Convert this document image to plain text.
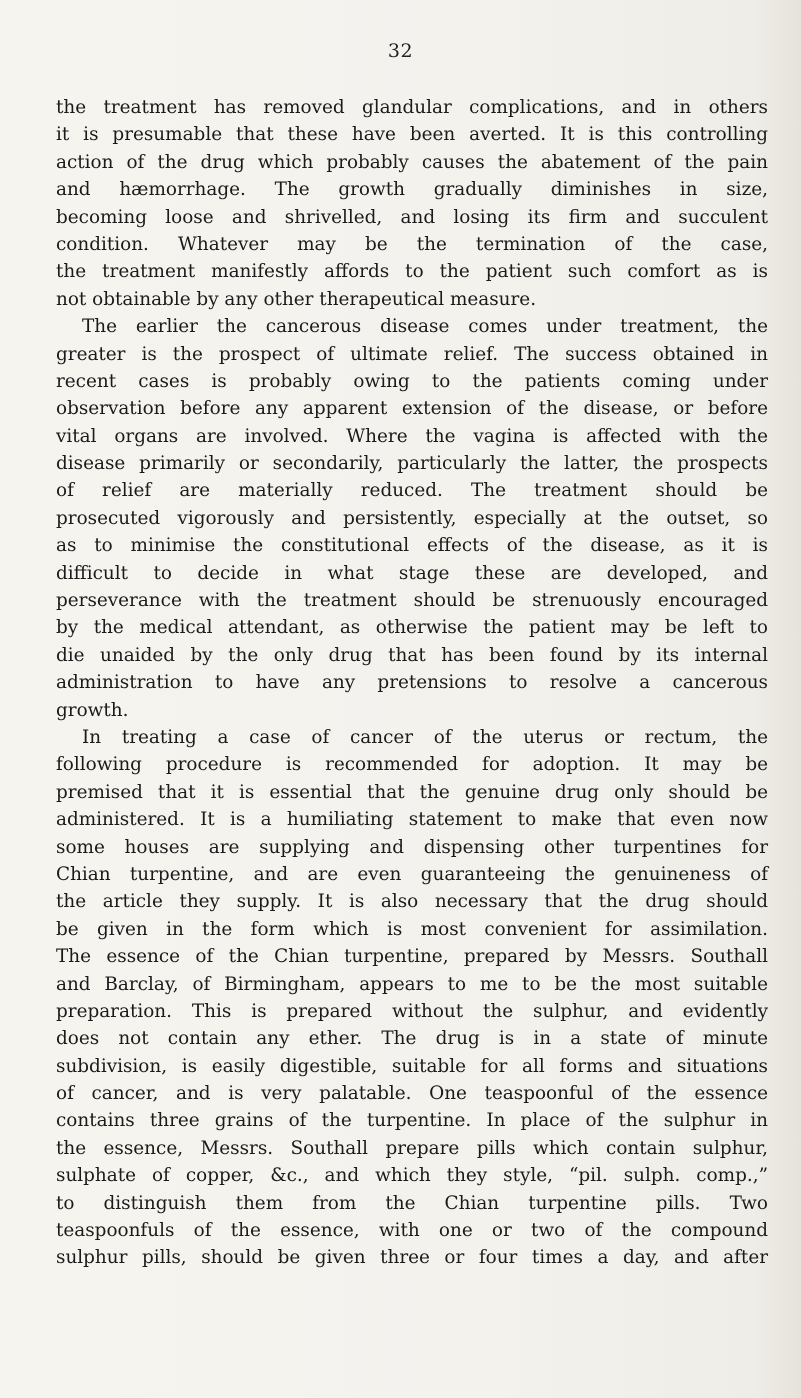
32
the treatment has removed glandular complications, and in others
it is presumable that these have been averted. It is this controlling
action of the drug which probably causes the abatement of the pain
and hæmorrhage. The growth gradually diminishes in size,
becoming loose and shrivelled, and losing its firm and succulent
condition. Whatever may be the termination of the case,
the treatment manifestly affords to the patient such comfort as is
not obtainable by any other therapeutical measure.
The earlier the cancerous disease comes under treatment, the
greater is the prospect of ultimate relief. The success obtained in
recent cases is probably owing to the patients coming under
observation before any apparent extension of the disease, or before
vital organs are involved. Where the vagina is affected with the
disease primarily or secondarily, particularly the latter, the prospects
of relief are materially reduced. The treatment should be
prosecuted vigorously and persistently, especially at the outset, so
as to minimise the constitutional effects of the disease, as it is
difficult to decide in what stage these are developed, and
perseverance with the treatment should be strenuously encouraged
by the medical attendant, as otherwise the patient may be left to
die unaided by the only drug that has been found by its internal
administration to have any pretensions to resolve a cancerous
growth.
In treating a case of cancer of the uterus or rectum, the
following procedure is recommended for adoption. It may be
premised that it is essential that the genuine drug only should be
administered. It is a humiliating statement to make that even now
some houses are supplying and dispensing other turpentines for
Chian turpentine, and are even guaranteeing the genuineness of
the article they supply. It is also necessary that the drug should
be given in the form which is most convenient for assimilation.
The essence of the Chian turpentine, prepared by Messrs. Southall
and Barclay, of Birmingham, appears to me to be the most suitable
preparation. This is prepared without the sulphur, and evidently
does not contain any ether. The drug is in a state of minute
subdivision, is easily digestible, suitable for all forms and situations
of cancer, and is very palatable. One teaspoonful of the essence
contains three grains of the turpentine. In place of the sulphur in
the essence, Messrs. Southall prepare pills which contain sulphur,
sulphate of copper, &c., and which they style, “pil. sulph. comp.,”
to distinguish them from the Chian turpentine pills. Two
teaspoonfuls of the essence, with one or two of the compound
sulphur pills, should be given three or four times a day, and after
